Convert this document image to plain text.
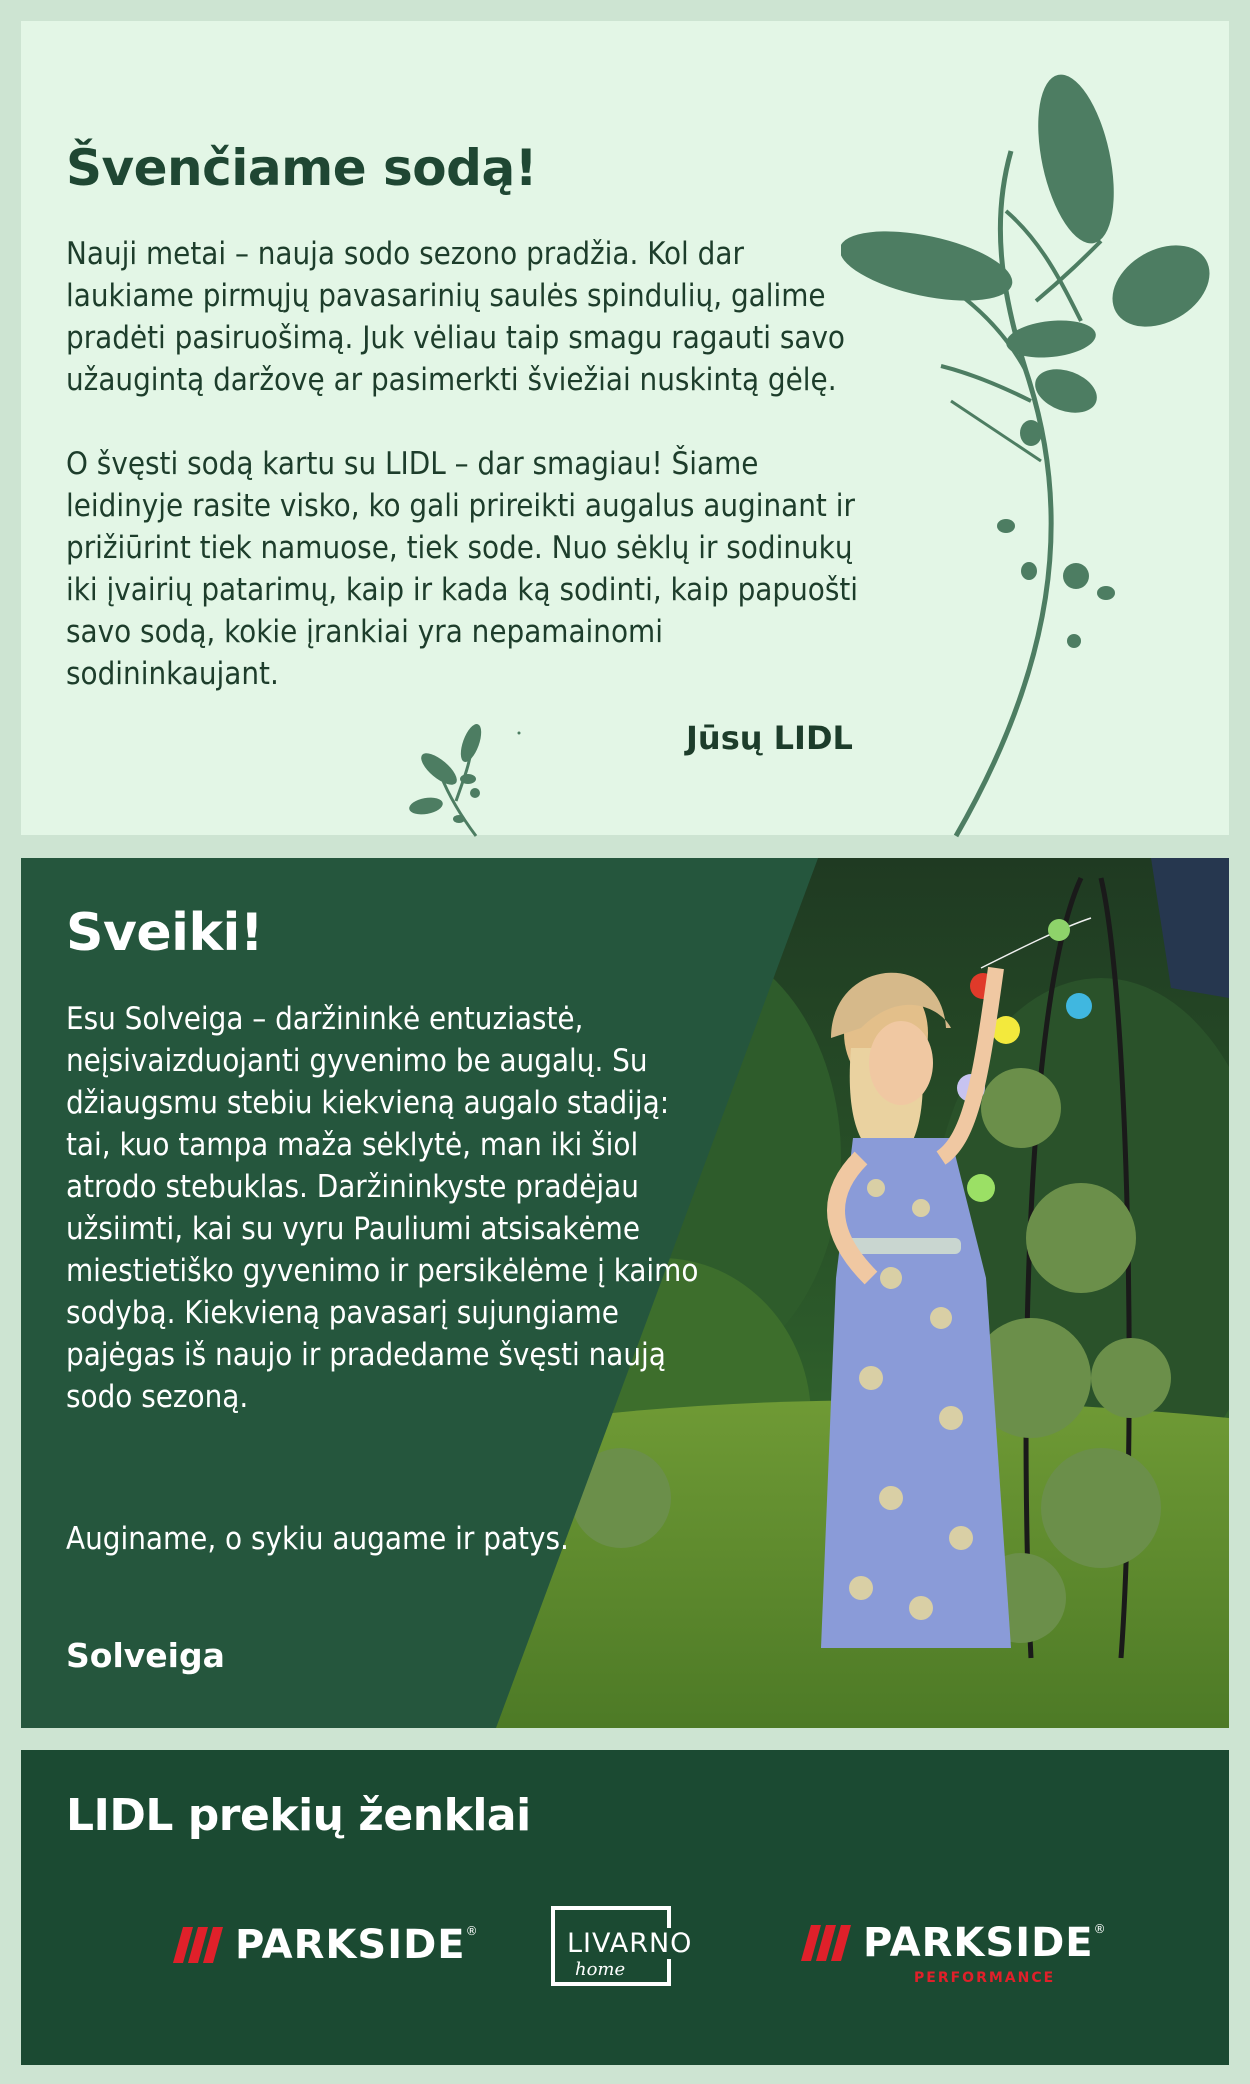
Švenčiame sodą!

Nauji metai – nauja sodo sezono pradžia. Kol dar laukiame pirmųjų pavasarinių saulės spindulių, galime pradėti pasiruošimą. Juk vėliau taip smagu ragauti savo užaugintą daržovę ar pasimerkti šviežiai nuskintą gėlę.

O švęsti sodą kartu su LIDL – dar smagiau! Šiame leidinyje rasite visko, ko gali prireikti augalus auginant ir prižiūrint tiek namuose, tiek sode. Nuo sėklų ir sodinukų iki įvairių patarimų, kaip ir kada ką sodinti, kaip papuošti savo sodą, kokie įrankiai yra nepamainomi sodininkaujant.

Jūsų LIDL

Sveiki!

Esu Solveiga – daržininkė entuziastė, neįsivaizduojanti gyvenimo be augalų. Su džiaugsmu stebiu kiekvieną augalo stadiją: tai, kuo tampa maža sėklytė, man iki šiol atrodo stebuklas. Daržininkyste pradėjau užsiimti, kai su vyru Pauliumi atsisakėme miestietiško gyvenimo ir persikėlėme į kaimo sodybą. Kiekvieną pavasarį sujungiame pajėgas iš naujo ir pradedame švęsti naują sodo sezoną.

Auginame, o sykiu augame ir patys.

Solveiga

LIDL prekių ženklai
PARKSIDE ®	LIVARNO
home
PARKSIDE ®
PERFORMANCE
